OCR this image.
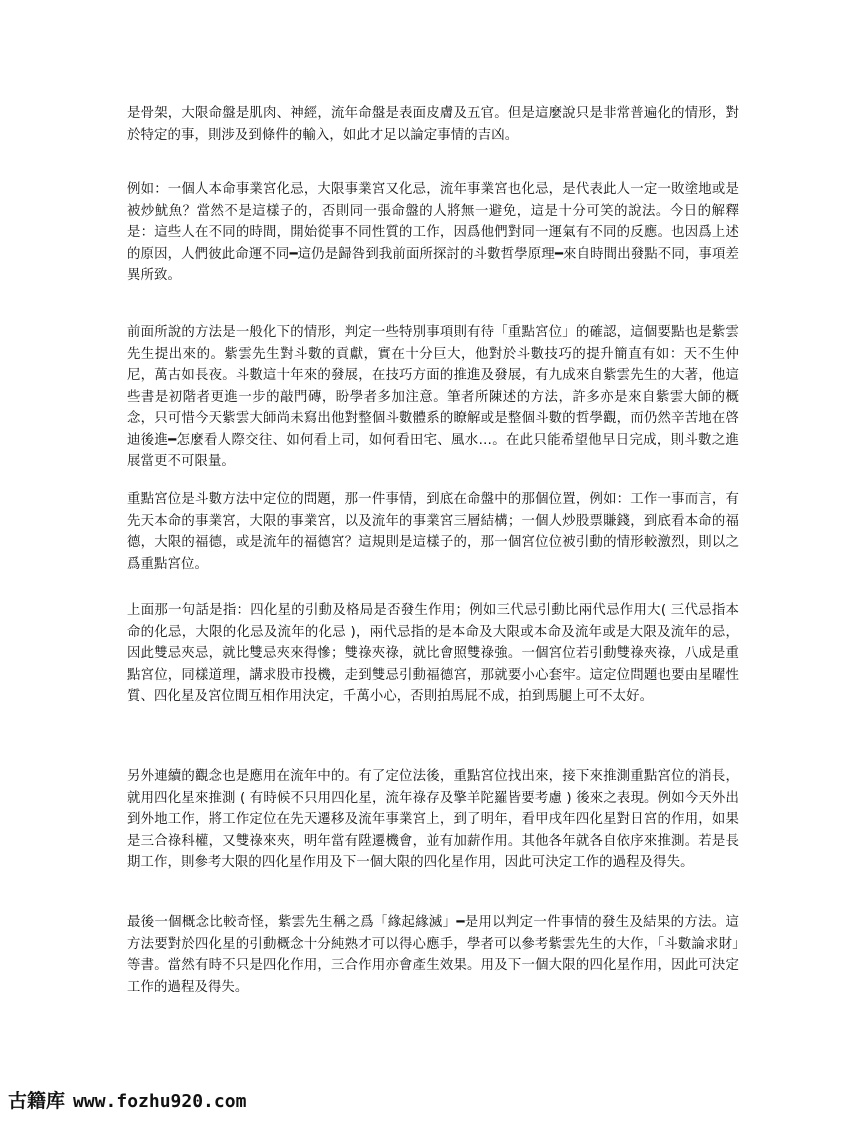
是骨架，大限命盤是肌肉、神經，流年命盤是表面皮膚及五官。但是這麼說只是非常普遍化的情形，對於特定的事，則涉及到條件的輸入，如此才足以論定事情的吉凶。

例如：一個人本命事業宮化忌，大限事業宮又化忌，流年事業宮也化忌，是代表此人一定一敗塗地或是被炒魷魚？當然不是這樣子的，否則同一張命盤的人將無一避免，這是十分可笑的說法。今日的解釋是：這些人在不同的時間，開始從事不同性質的工作，因爲他們對同一運氣有不同的反應。也因爲上述的原因，人們彼此命運不同━這仍是歸咎到我前面所探討的斗數哲學原理━來自時間出發點不同，事項差異所致。

前面所說的方法是一般化下的情形，判定一些特別事項則有待「重點宮位」的確認，這個要點也是紫雲先生提出來的。紫雲先生對斗數的貢獻，實在十分巨大，他對於斗數技巧的提升簡直有如：天不生仲尼，萬古如長夜。斗數這十年來的發展，在技巧方面的推進及發展，有九成來自紫雲先生的大著，他這些書是初階者更進一步的敲門磚，盼學者多加注意。筆者所陳述的方法，許多亦是來自紫雲大師的概念，只可惜今天紫雲大師尚未寫出他對整個斗數體系的瞭解或是整個斗數的哲學觀，而仍然辛苦地在啓迪後進━怎麼看人際交往、如何看上司，如何看田宅、風水…。在此只能希望他早日完成，則斗數之進展當更不可限量。

重點宮位是斗數方法中定位的問題，那一件事情，到底在命盤中的那個位置，例如：工作一事而言，有先天本命的事業宮，大限的事業宮，以及流年的事業宮三層結構；一個人炒股票賺錢，到底看本命的福德，大限的福德，或是流年的福德宮？這規則是這樣子的，那一個宮位位被引動的情形較激烈，則以之爲重點宮位。

上面那一句話是指：四化星的引動及格局是否發生作用；例如三代忌引動比兩代忌作用大( 三代忌指本命的化忌，大限的化忌及流年的化忌 )，兩代忌指的是本命及大限或本命及流年或是大限及流年的忌，因此雙忌夾忌，就比雙忌夾來得慘；雙祿夾祿，就比會照雙祿強。一個宮位若引動雙祿夾祿，八成是重點宮位，同樣道理，講求股市投機，走到雙忌引動福德宮，那就要小心套牢。這定位問題也要由星曜性質、四化星及宮位間互相作用決定，千萬小心，否則拍馬屁不成，拍到馬腿上可不太好。

另外連續的觀念也是應用在流年中的。有了定位法後，重點宮位找出來，接下來推測重點宮位的消長， 就用四化星來推測 ( 有時候不只用四化星，流年祿存及擎羊陀羅皆要考慮 ) 後來之表現。例如今天外出到外地工作，將工作定位在先天遷移及流年事業宮上，到了明年，看甲戌年四化星對日宮的作用，如果是三合祿科權，又雙祿來夾，明年當有陞遷機會，並有加薪作用。其他各年就各自依序來推測。若是長期工作，則參考大限的四化星作用及下一個大限的四化星作用，因此可決定工作的過程及得失。

最後一個概念比較奇怪，紫雲先生稱之爲「緣起緣滅」━是用以判定一件事情的發生及結果的方法。這方法要對於四化星的引動概念十分純熟才可以得心應手，學者可以參考紫雲先生的大作，「斗數論求財」等書。當然有時不只是四化作用，三合作用亦會產生效果。用及下一個大限的四化星作用，因此可決定工作的過程及得失。

古籍库 www.fozhu920.com
